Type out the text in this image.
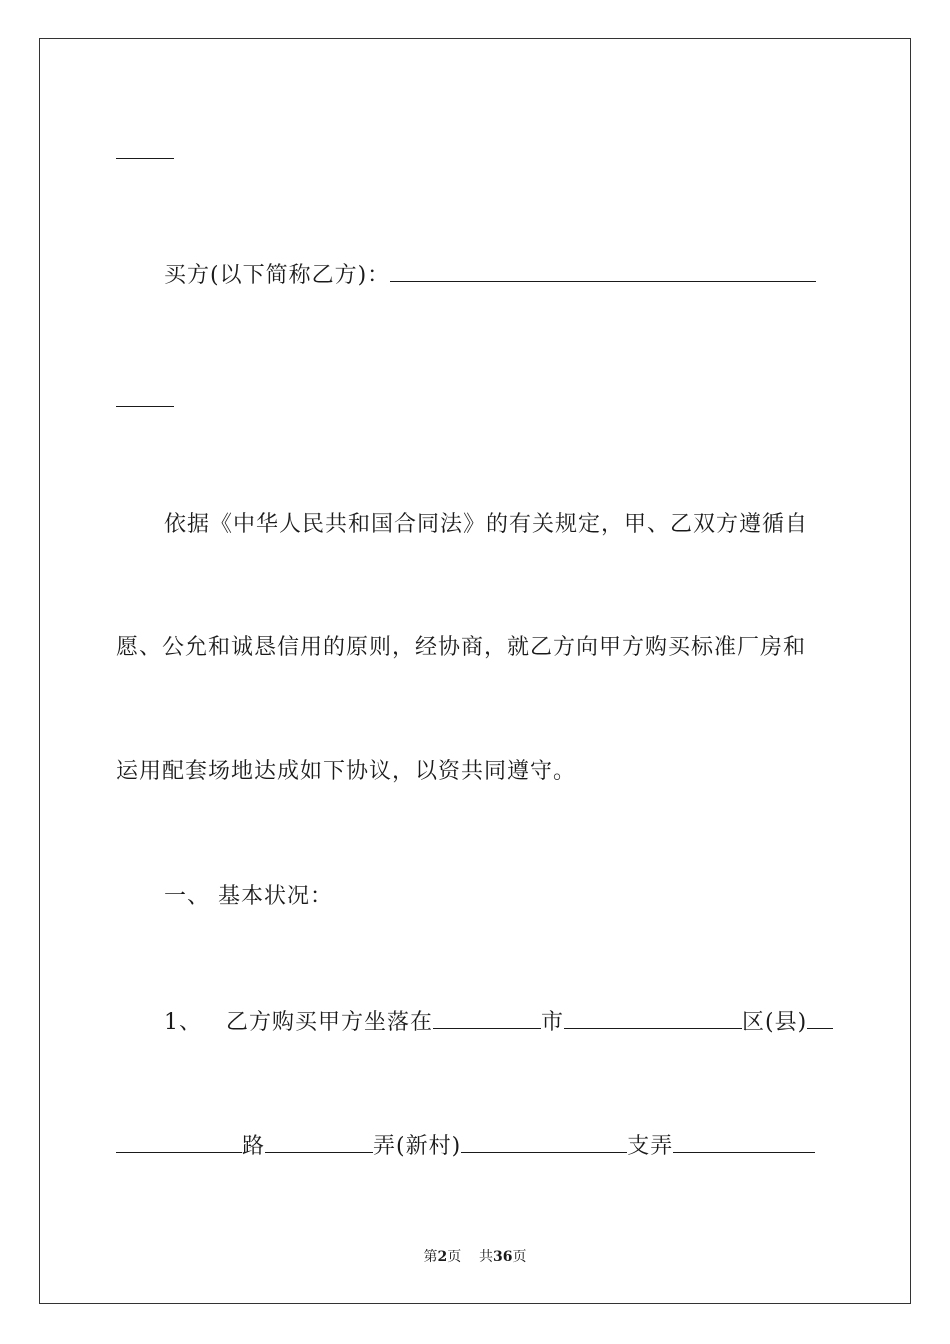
买方(以下简称乙方)：
依据《中华人民共和国合同法》的有关规定，甲、乙双方遵循自
愿、公允和诚恳信用的原则，经协商，就乙方向甲方购买标准厂房和
运用配套场地达成如下协议，以资共同遵守。
一、 基本状况：
1、 乙方购买甲方坐落在	市	区(县)
路	弄(新村)	支弄
第2页 共36页
